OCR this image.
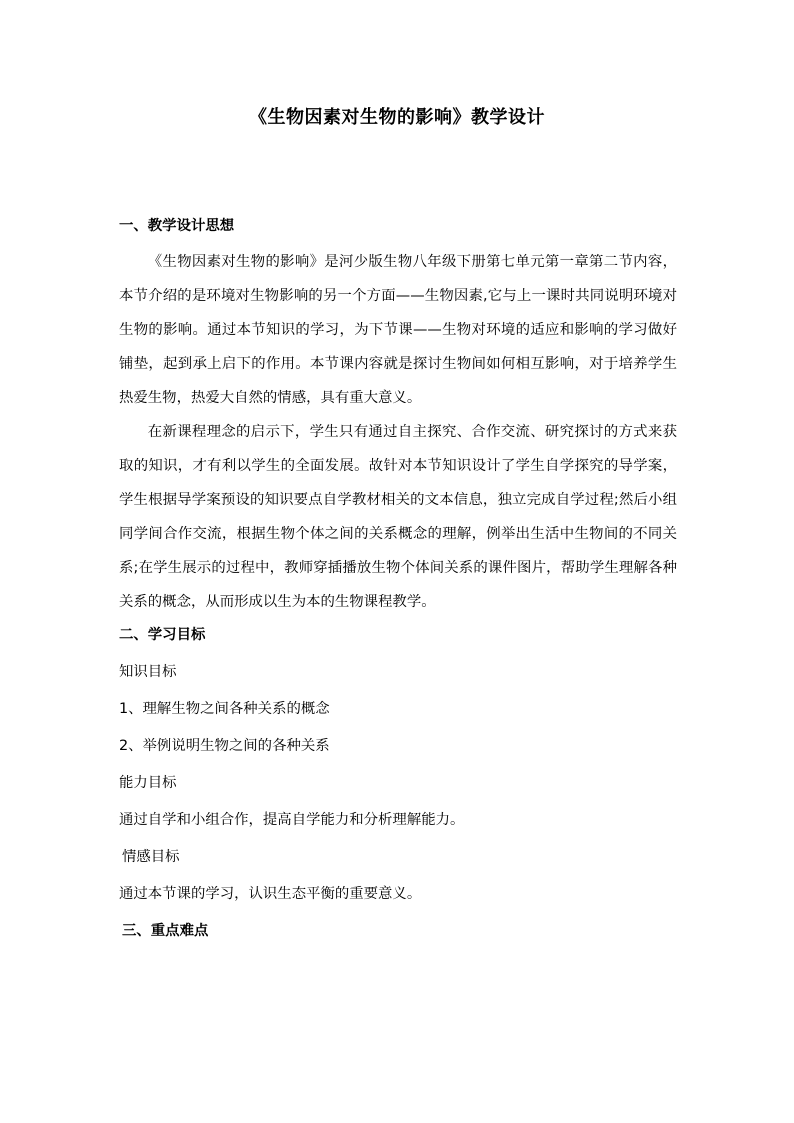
《生物因素对生物的影响》教学设计
一、教学设计思想

《生物因素对生物的影响》是河少版生物八年级下册第七单元第一章第二节内容，本节介绍的是环境对生物影响的另一个方面——生物因素,它与上一课时共同说明环境对生物的影响。通过本节知识的学习，为下节课——生物对环境的适应和影响的学习做好铺垫，起到承上启下的作用。本节课内容就是探讨生物间如何相互影响，对于培养学生热爱生物，热爱大自然的情感，具有重大意义。

在新课程理念的启示下，学生只有通过自主探究、合作交流、研究探讨的方式来获取的知识，才有利以学生的全面发展。故针对本节知识设计了学生自学探究的导学案，学生根据导学案预设的知识要点自学教材相关的文本信息，独立完成自学过程;然后小组同学间合作交流，根据生物个体之间的关系概念的理解，例举出生活中生物间的不同关系;在学生展示的过程中，教师穿插播放生物个体间关系的课件图片，帮助学生理解各种关系的概念，从而形成以生为本的生物课程教学。

二、学习目标
知识目标
1、理解生物之间各种关系的概念
2、举例说明生物之间的各种关系
能力目标
通过自学和小组合作，提高自学能力和分析理解能力。
情感目标
通过本节课的学习，认识生态平衡的重要意义。
三、重点难点
